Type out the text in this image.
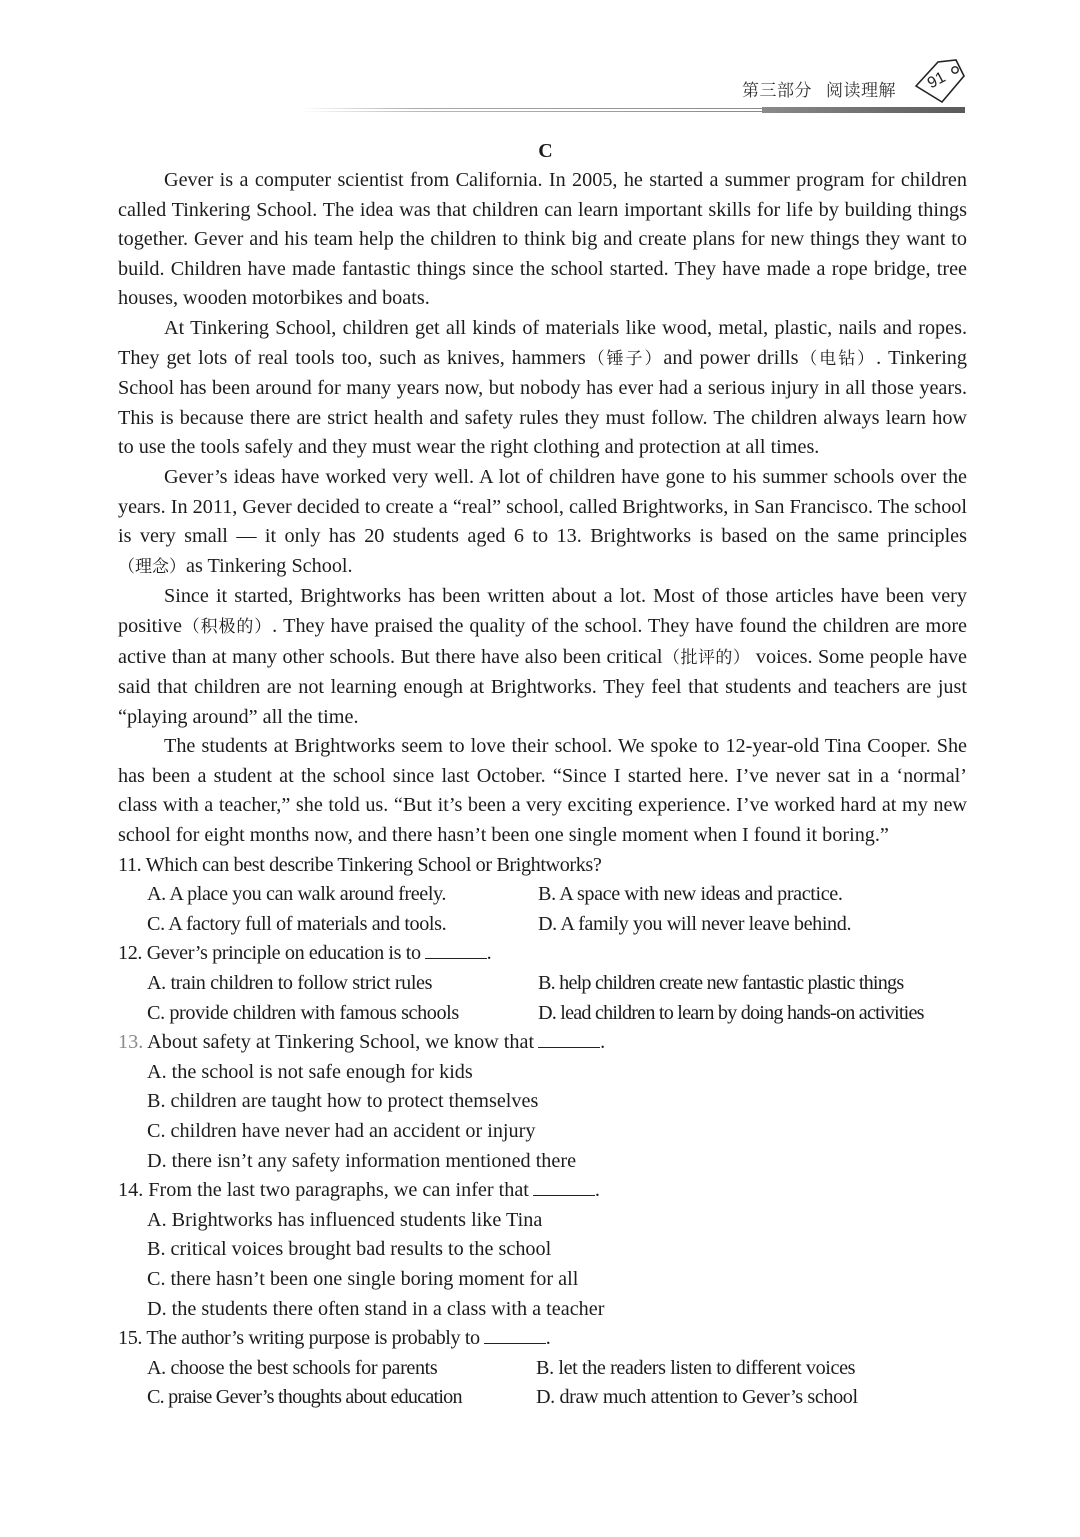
第三部分 阅读理解 91
C

Gever is a computer scientist from California. In 2005, he started a summer program for children called Tinkering School. The idea was that children can learn important skills for life by building things together. Gever and his team help the children to think big and create plans for new things they want to build. Children have made fantastic things since the school started. They have made a rope bridge, tree houses, wooden motorbikes and boats.

At Tinkering School, children get all kinds of materials like wood, metal, plastic, nails and ropes. They get lots of real tools too, such as knives, hammers（锤子）and power drills（电钻）. Tinkering School has been around for many years now, but nobody has ever had a serious injury in all those years. This is because there are strict health and safety rules they must follow. The children always learn how to use the tools safely and they must wear the right clothing and protection at all times.

Gever’s ideas have worked very well. A lot of children have gone to his summer schools over the years. In 2011, Gever decided to create a “real” school, called Brightworks, in San Francisco. The school is very small — it only has 20 students aged 6 to 13. Brightworks is based on the same principles（理念）as Tinkering School.

Since it started, Brightworks has been written about a lot. Most of those articles have been very positive（积极的）. They have praised the quality of the school. They have found the children are more active than at many other schools. But there have also been critical（批评的） voices. Some people have said that children are not learning enough at Brightworks. They feel that students and teachers are just “playing around” all the time.

The students at Brightworks seem to love their school. We spoke to 12-year-old Tina Cooper. She has been a student at the school since last October. “Since I started here. I’ve never sat in a ‘normal’ class with a teacher,” she told us. “But it’s been a very exciting experience. I’ve worked hard at my new school for eight months now, and there hasn’t been one single moment when I found it boring.”

11. Which can best describe Tinkering School or Brightworks?
A. A place you can walk around freely.	B. A space with new ideas and practice.
C. A factory full of materials and tools.	D. A family you will never leave behind.
12. Gever’s principle on education is to	.
A. train children to follow strict rules	B. help children create new fantastic plastic things
C. provide children with famous schools	D. lead children to learn by doing hands-on activities
13. About safety at Tinkering School, we know that	.
A. the school is not safe enough for kids
B. children are taught how to protect themselves
C. children have never had an accident or injury
D. there isn’t any safety information mentioned there
14. From the last two paragraphs, we can infer that	.
A. Brightworks has influenced students like Tina
B. critical voices brought bad results to the school
C. there hasn’t been one single boring moment for all
D. the students there often stand in a class with a teacher
15. The author’s writing purpose is probably to	.
A. choose the best schools for parents	B. let the readers listen to different voices
C. praise Gever’s thoughts about education	D. draw much attention to Gever’s school
